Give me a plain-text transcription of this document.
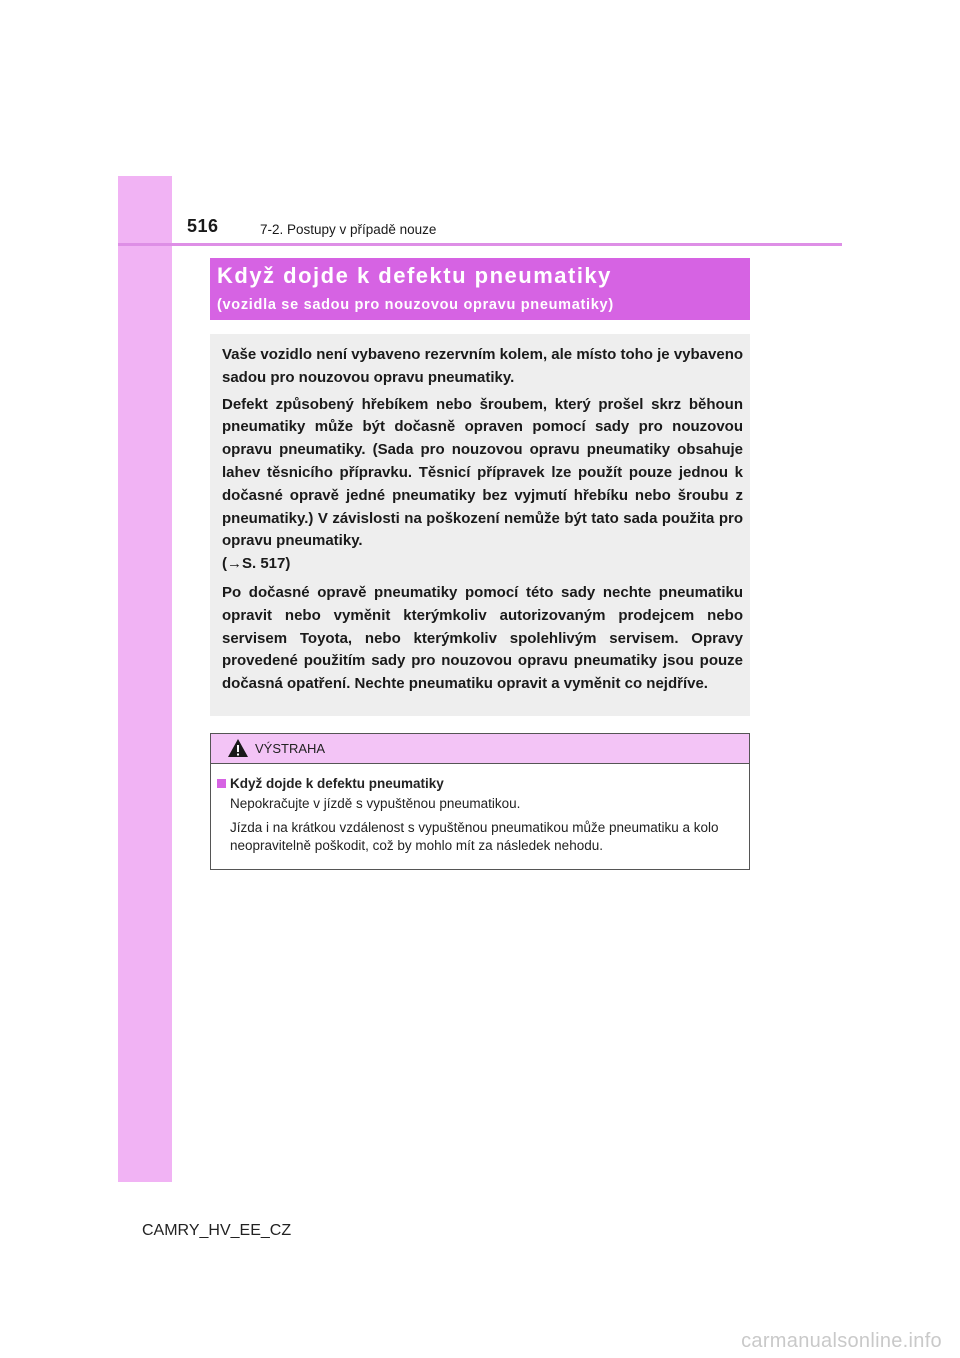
516	7-2. Postupy v případě nouze
Když dojde k defektu pneumatiky
(vozidla se sadou pro nouzovou opravu pneumatiky)

Vaše vozidlo není vybaveno rezervním kolem, ale místo toho je vybaveno sadou pro nouzovou opravu pneumatiky.

Defekt způsobený hřebíkem nebo šroubem, který prošel skrz běhoun pneumatiky může být dočasně opraven pomocí sady pro nouzovou opravu pneumatiky. (Sada pro nouzovou opravu pneumatiky obsahuje lahev těsnicího přípravku. Těsnicí přípravek lze použít pouze jednou k dočasné opravě jedné pneumatiky bez vyjmutí hřebíku nebo šroubu z pneumatiky.) V závislosti na poškození nemůže být tato sada použita pro opravu pneumatiky.

(→S. 517)

Po dočasné opravě pneumatiky pomocí této sady nechte pneumatiku opravit nebo vyměnit kterýmkoliv autorizovaným prodejcem nebo servisem Toyota, nebo kterýmkoliv spolehlivým servisem. Opravy provedené použitím sady pro nouzovou opravu pneumatiky jsou pouze dočasná opatření. Nechte pneumatiku opravit a vyměnit co nejdříve.

VÝSTRAHA
Když dojde k defektu pneumatiky

Nepokračujte v jízdě s vypuštěnou pneumatikou.

Jízda i na krátkou vzdálenost s vypuštěnou pneumatikou může pneumatiku a kolo neopravitelně poškodit, což by mohlo mít za následek nehodu.

CAMRY_HV_EE_CZ
carmanualsonline.info
